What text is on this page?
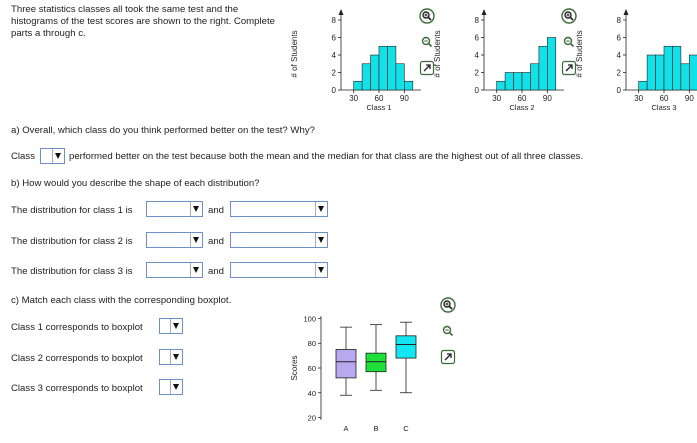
Three statistics classes all took the same test and the
histograms of the test scores are shown to the right. Complete
parts a through c.	# of Students
0
2
4
6
8
30 60 90
Class 1
# of Students
0
2
4
6
8
30 60 90
Class 2
# of Students
0
2
4
6
8
30 60 90
Class 3
a) Overall, which class do you think performed better on the test? Why?
Class	performed better on the test because both the mean and the median for that class are the highest out of all three classes.
b) How would you describe the shape of each distribution?
The distribution for class 1 is	and
The distribution for class 2 is	and
The distribution for class 3 is	and
c) Match each class with the corresponding boxplot.
Class 1 corresponds to boxplot
Class 2 corresponds to boxplot
Class 3 corresponds to boxplot
Scores
20
40
60
80
100
A	B	C
